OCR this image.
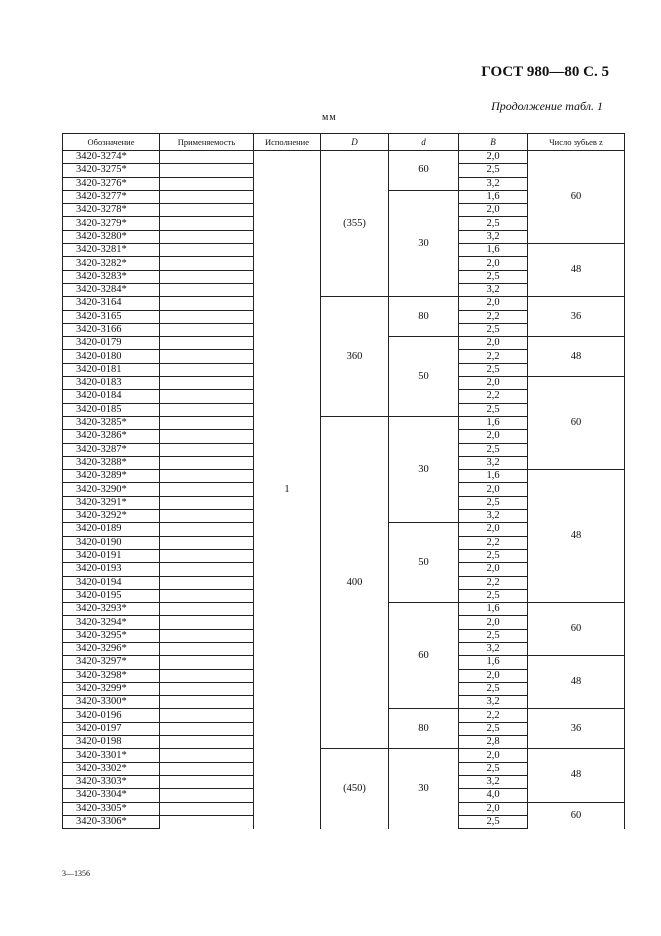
ГОСТ 980—80 С. 5
Продолжение табл. 1
мм
Обозначение	Применяемость	Исполнение	D	d	B	Число зубьев z
3420-3274*		1	(355)	60	2,0	60
3420-3275*					2,5	
3420-3276*					3,2	
3420-3277*				30	1,6	
3420-3278*					2,0	
3420-3279*					2,5	
3420-3280*					3,2	
3420-3281*					1,6	48
3420-3282*					2,0	
3420-3283*					2,5	
3420-3284*					3,2	
3420-3164			360	80	2,0	36
3420-3165					2,2	
3420-3166					2,5	
3420-0179				50	2,0	48
3420-0180					2,2	
3420-0181					2,5	
3420-0183					2,0	60
3420-0184					2,2	
3420-0185					2,5	
3420-3285*			400	30	1,6	
3420-3286*					2,0	
3420-3287*					2,5	
3420-3288*					3,2	
3420-3289*					1,6	48
3420-3290*					2,0	
3420-3291*					2,5	
3420-3292*					3,2	
3420-0189				50	2,0	
3420-0190					2,2	
3420-0191					2,5	
3420-0193					2,0	
3420-0194					2,2	
3420-0195					2,5	
3420-3293*				60	1,6	60
3420-3294*					2,0	
3420-3295*					2,5	
3420-3296*					3,2	
3420-3297*					1,6	48
3420-3298*					2,0	
3420-3299*					2,5	
3420-3300*					3,2	
3420-0196				80	2,2	36
3420-0197					2,5	
3420-0198					2,8	
3420-3301*			(450)	30	2,0	48
3420-3302*					2,5	
3420-3303*					3,2	
3420-3304*					4,0	
3420-3305*					2,0	60
3420-3306*					2,5	
3—1356
